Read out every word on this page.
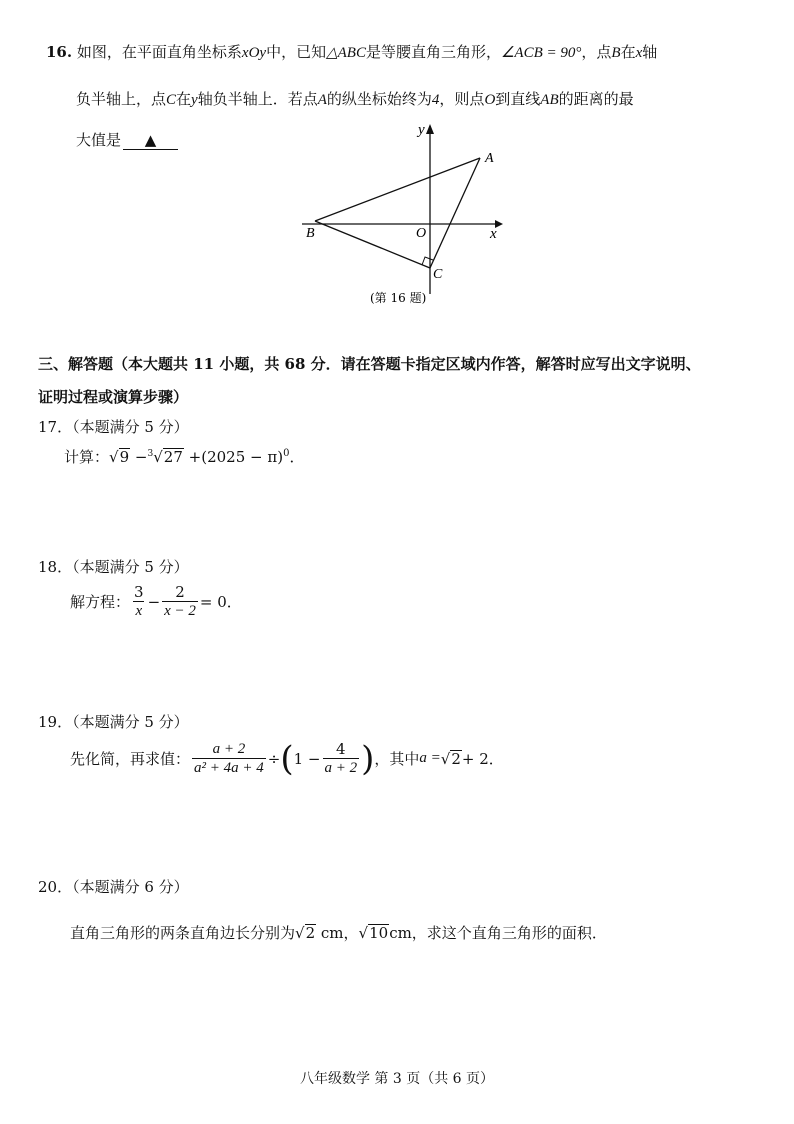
16. 如图，在平面直角坐标系xOy中，已知△ABC是等腰直角三角形，∠ACB = 90°，点B在x轴
负半轴上，点C在y轴负半轴上．若点A的纵坐标始终为4，则点O到直线AB的距离的最
大值是 ▲
y
x
A
B	O
C
(第 16 题)
三、解答题（本大题共 11 小题，共 68 分．请在答题卡指定区域内作答，解答时应写出文字说明、
证明过程或演算步骤）
17．（本题满分 5 分）
计算：$√9 -^3√27 +(2025 - \pi)^0$．
18．（本题满分 5 分）
解方程： $\frac{3}{x} - \frac{2}{x - 2} = 0$．
19．（本题满分 5 分）
先化简，再求值： $\frac{a + 2}{\text{a² + 4a + 4}}$ ÷ ( $1 - \frac{4}{a + 2}$ ) ，其中 a = √ 2 + 2．
20．（本题满分 6 分）
直角三角形的两条直角边长分别为√2 cm，√10cm，求这个直角三角形的面积．
八年级数学 第 3 页（共 6 页）
